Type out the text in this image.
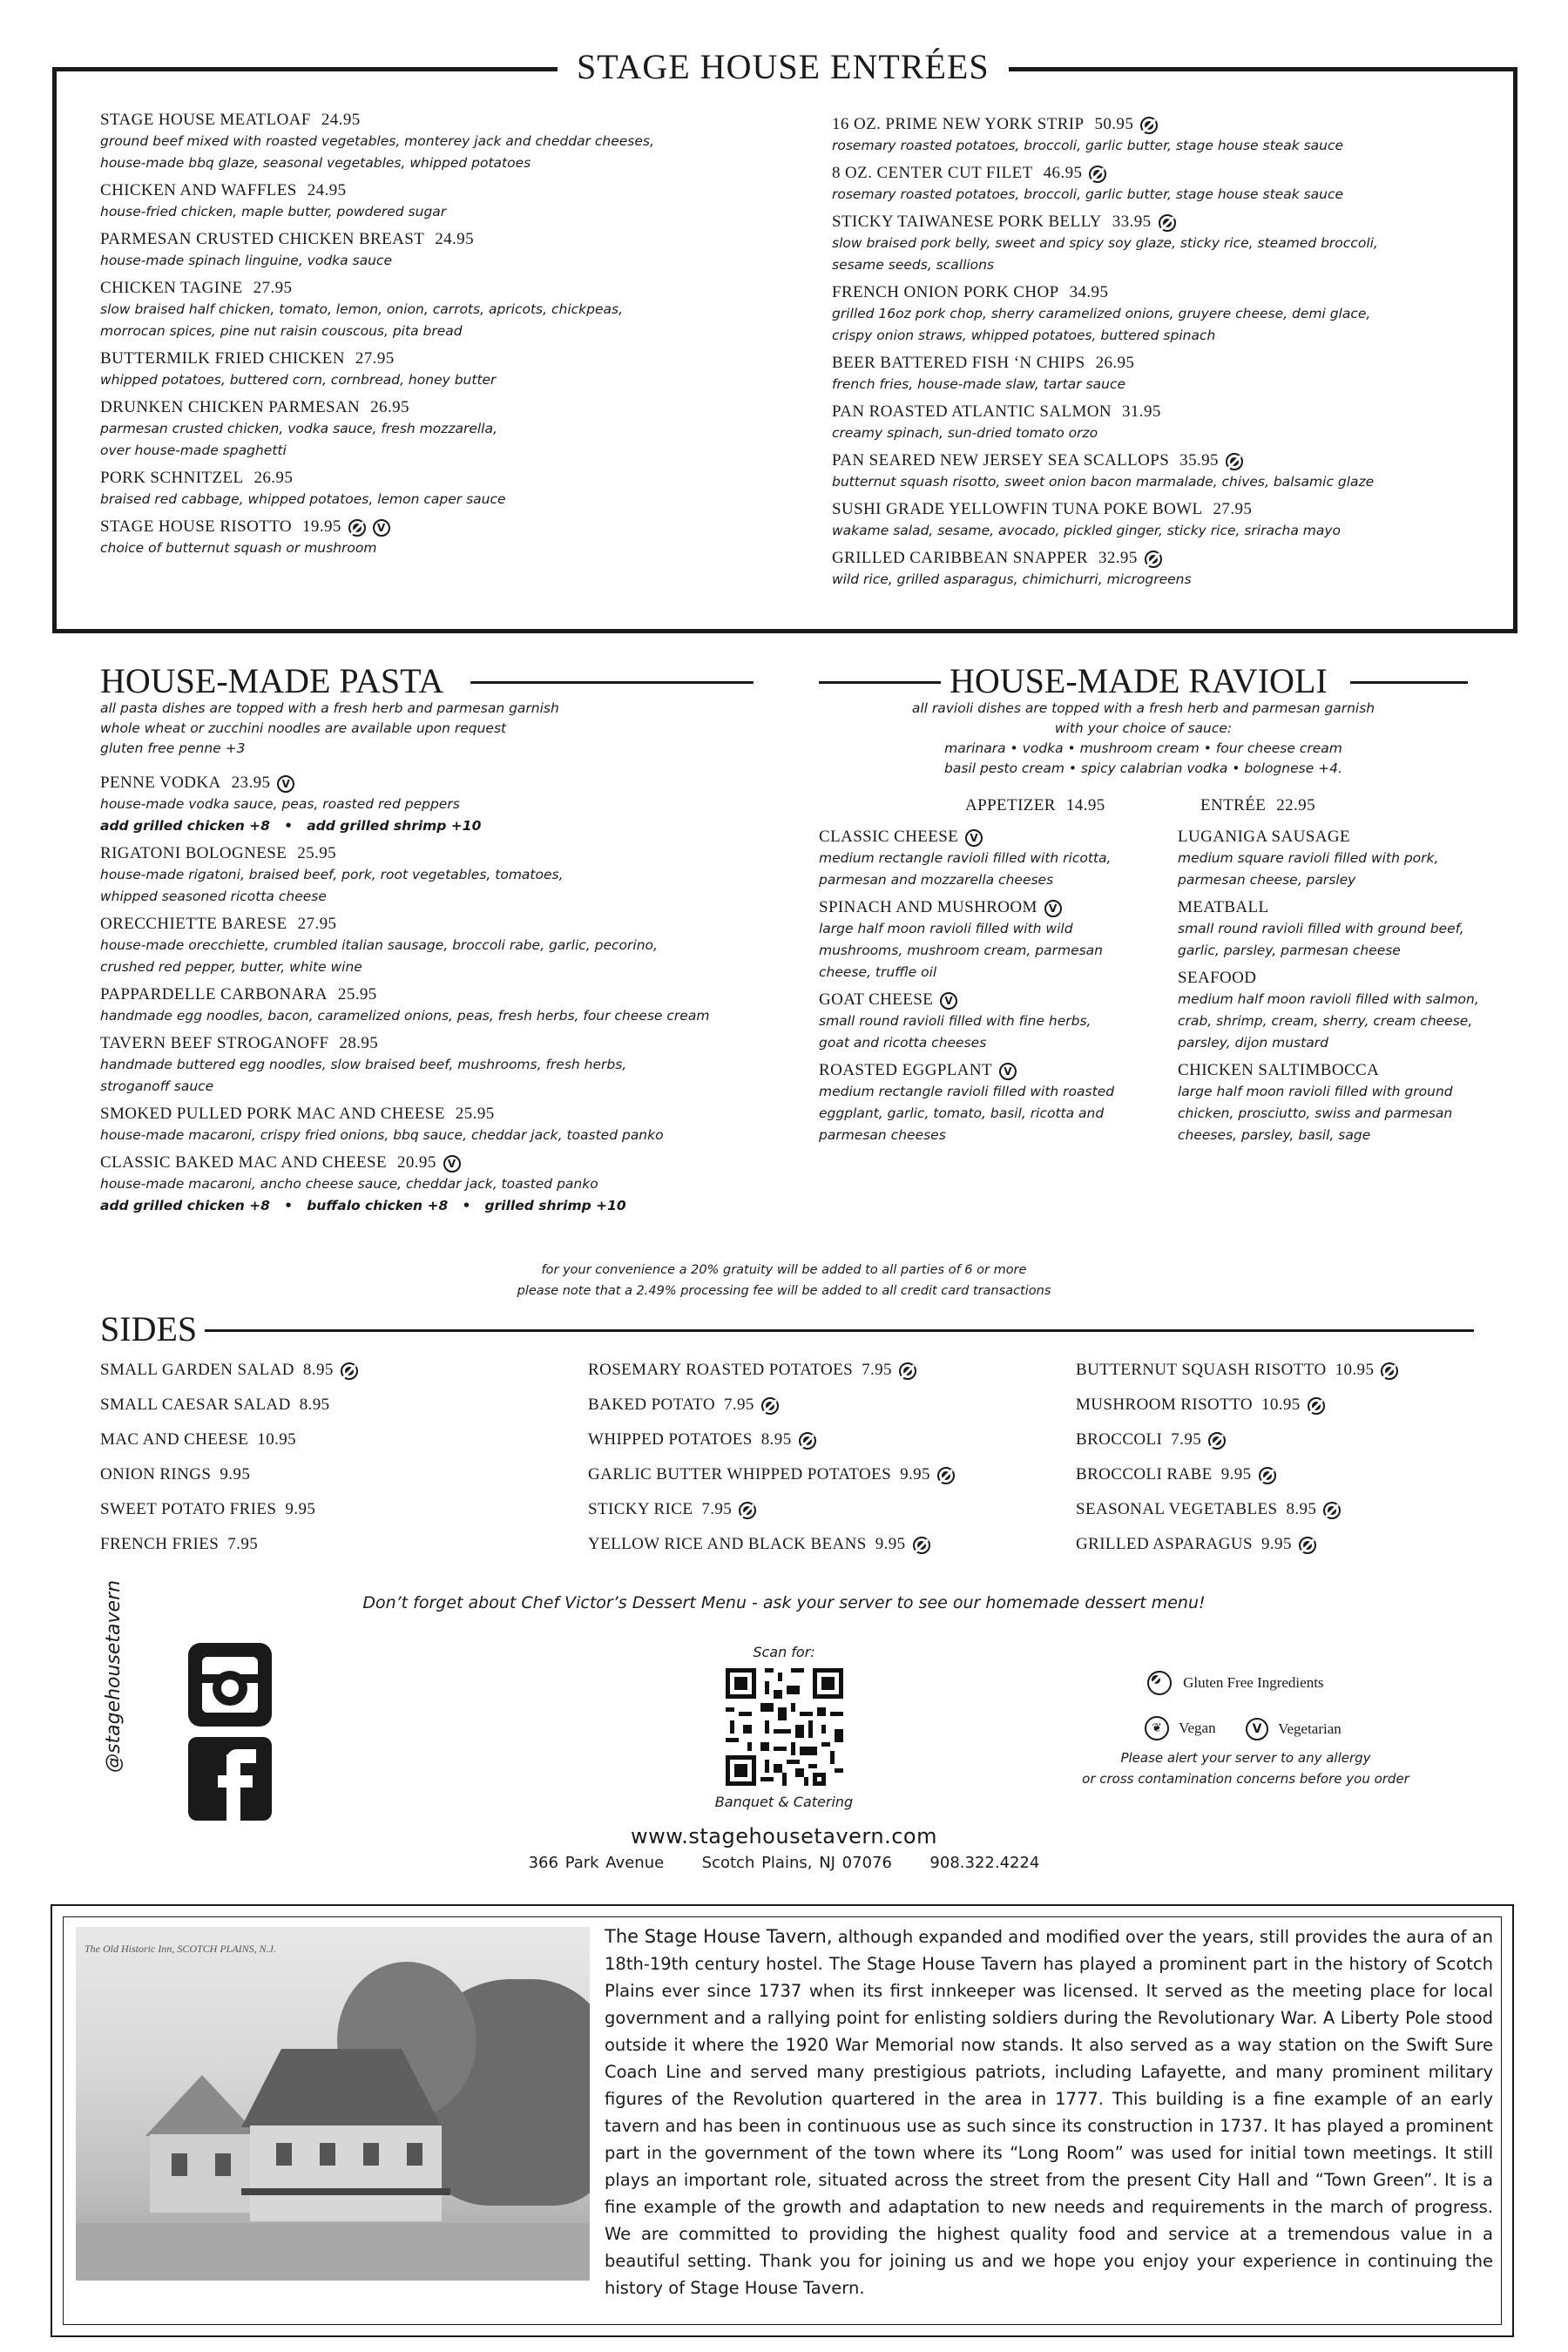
STAGE HOUSE ENTRÉES
STAGE HOUSE MEATLOAF 24.95
ground beef mixed with roasted vegetables, monterey jack and cheddar cheeses,
house-made bbq glaze, seasonal vegetables, whipped potatoes
CHICKEN AND WAFFLES 24.95
house-fried chicken, maple butter, powdered sugar
PARMESAN CRUSTED CHICKEN BREAST 24.95
house-made spinach linguine, vodka sauce
CHICKEN TAGINE 27.95
slow braised half chicken, tomato, lemon, onion, carrots, apricots, chickpeas,
morrocan spices, pine nut raisin couscous, pita bread
BUTTERMILK FRIED CHICKEN 27.95
whipped potatoes, buttered corn, cornbread, honey butter
DRUNKEN CHICKEN PARMESAN 26.95
parmesan crusted chicken, vodka sauce, fresh mozzarella,
over house-made spaghetti
PORK SCHNITZEL 26.95
braised red cabbage, whipped potatoes, lemon caper sauce
STAGE HOUSE RISOTTO 19.95V
choice of butternut squash or mushroom
16 OZ. PRIME NEW YORK STRIP 50.95
rosemary roasted potatoes, broccoli, garlic butter, stage house steak sauce
8 OZ. CENTER CUT FILET 46.95
rosemary roasted potatoes, broccoli, garlic butter, stage house steak sauce
STICKY TAIWANESE PORK BELLY 33.95
slow braised pork belly, sweet and spicy soy glaze, sticky rice, steamed broccoli,
sesame seeds, scallions
FRENCH ONION PORK CHOP 34.95
grilled 16oz pork chop, sherry caramelized onions, gruyere cheese, demi glace,
crispy onion straws, whipped potatoes, buttered spinach
BEER BATTERED FISH ‘N CHIPS 26.95
french fries, house-made slaw, tartar sauce
PAN ROASTED ATLANTIC SALMON 31.95
creamy spinach, sun-dried tomato orzo
PAN SEARED NEW JERSEY SEA SCALLOPS 35.95
butternut squash risotto, sweet onion bacon marmalade, chives, balsamic glaze
SUSHI GRADE YELLOWFIN TUNA POKE BOWL 27.95
wakame salad, sesame, avocado, pickled ginger, sticky rice, sriracha mayo
GRILLED CARIBBEAN SNAPPER 32.95
wild rice, grilled asparagus, chimichurri, microgreens
HOUSE-MADE PASTA
all pasta dishes are topped with a fresh herb and parmesan garnish
whole wheat or zucchini noodles are available upon request
gluten free penne +3
PENNE VODKA 23.95V
house-made vodka sauce, peas, roasted red peppers
add grilled chicken +8   •   add grilled shrimp +10
RIGATONI BOLOGNESE 25.95
house-made rigatoni, braised beef, pork, root vegetables, tomatoes,
whipped seasoned ricotta cheese
ORECCHIETTE BARESE 27.95
house-made orecchiette, crumbled italian sausage, broccoli rabe, garlic, pecorino,
crushed red pepper, butter, white wine
PAPPARDELLE CARBONARA 25.95
handmade egg noodles, bacon, caramelized onions, peas, fresh herbs, four cheese cream
TAVERN BEEF STROGANOFF 28.95
handmade buttered egg noodles, slow braised beef, mushrooms, fresh herbs,
stroganoff sauce
SMOKED PULLED PORK MAC AND CHEESE 25.95
house-made macaroni, crispy fried onions, bbq sauce, cheddar jack, toasted panko
CLASSIC BAKED MAC AND CHEESE 20.95V
house-made macaroni, ancho cheese sauce, cheddar jack, toasted panko
add grilled chicken +8   •   buffalo chicken +8   •   grilled shrimp +10
HOUSE-MADE RAVIOLI
all ravioli dishes are topped with a fresh herb and parmesan garnish
with your choice of sauce:
marinara • vodka • mushroom cream • four cheese cream
basil pesto cream • spicy calabrian vodka • bolognese +4.
APPETIZER 14.95	ENTRÉE 22.95
CLASSIC CHEESEV
medium rectangle ravioli filled with ricotta,
parmesan and mozzarella cheeses
SPINACH AND MUSHROOMV
large half moon ravioli filled with wild
mushrooms, mushroom cream, parmesan
cheese, truffle oil
GOAT CHEESEV
small round ravioli filled with fine herbs,
goat and ricotta cheeses
ROASTED EGGPLANTV
medium rectangle ravioli filled with roasted
eggplant, garlic, tomato, basil, ricotta and
parmesan cheeses
LUGANIGA SAUSAGE
medium square ravioli filled with pork,
parmesan cheese, parsley
MEATBALL
small round ravioli filled with ground beef,
garlic, parsley, parmesan cheese
SEAFOOD
medium half moon ravioli filled with salmon,
crab, shrimp, cream, sherry, cream cheese,
parsley, dijon mustard
CHICKEN SALTIMBOCCA
large half moon ravioli filled with ground
chicken, prosciutto, swiss and parmesan
cheeses, parsley, basil, sage
for your convenience a 20% gratuity will be added to all parties of 6 or more
please note that a 2.49% processing fee will be added to all credit card transactions
SIDES
SMALL GARDEN SALAD 8.95
SMALL CAESAR SALAD 8.95
MAC AND CHEESE 10.95
ONION RINGS 9.95
SWEET POTATO FRIES 9.95
FRENCH FRIES 7.95
ROSEMARY ROASTED POTATOES 7.95
BAKED POTATO 7.95
WHIPPED POTATOES 8.95
GARLIC BUTTER WHIPPED POTATOES 9.95
STICKY RICE 7.95
YELLOW RICE AND BLACK BEANS 9.95
BUTTERNUT SQUASH RISOTTO 10.95
MUSHROOM RISOTTO 10.95
BROCCOLI 7.95
BROCCOLI RABE 9.95
SEASONAL VEGETABLES 8.95
GRILLED ASPARAGUS 9.95
Don’t forget about Chef Victor’s Dessert Menu - ask your server to see our homemade dessert menu!
@stagehousetavern	Scan for:
Banquet & Catering
Gluten Free Ingredients
❦ Vegan
V	Vegetarian
Please alert your server to any allergy
or cross contamination concerns before you order
www.stagehousetavern.com
366 Park Avenue Scotch Plains, NJ 07076 908.322.4224
The Old Historic Inn, SCOTCH PLAINS, N.J.
The Stage House Tavern, although expanded and modified over the years, still provides the aura of an 18th-19th century hostel. The Stage House Tavern has played a prominent part in the history of Scotch Plains ever since 1737 when its first innkeeper was licensed. It served as the meeting place for local government and a rallying point for enlisting soldiers during the Revolutionary War. A Liberty Pole stood outside it where the 1920 War Memorial now stands. It also served as a way station on the Swift Sure Coach Line and served many prestigious patriots, including Lafayette, and many prominent military figures of the Revolution quartered in the area in 1777. This building is a fine example of an early tavern and has been in continuous use as such since its construction in 1737. It has played a prominent part in the government of the town where its “Long Room” was used for initial town meetings. It still plays an important role, situated across the street from the present City Hall and “Town Green”. It is a fine example of the growth and adaptation to new needs and requirements in the march of progress. We are committed to providing the highest quality food and service at a tremendous value in a beautiful setting. Thank you for joining us and we hope you enjoy your experience in continuing the history of Stage House Tavern.
